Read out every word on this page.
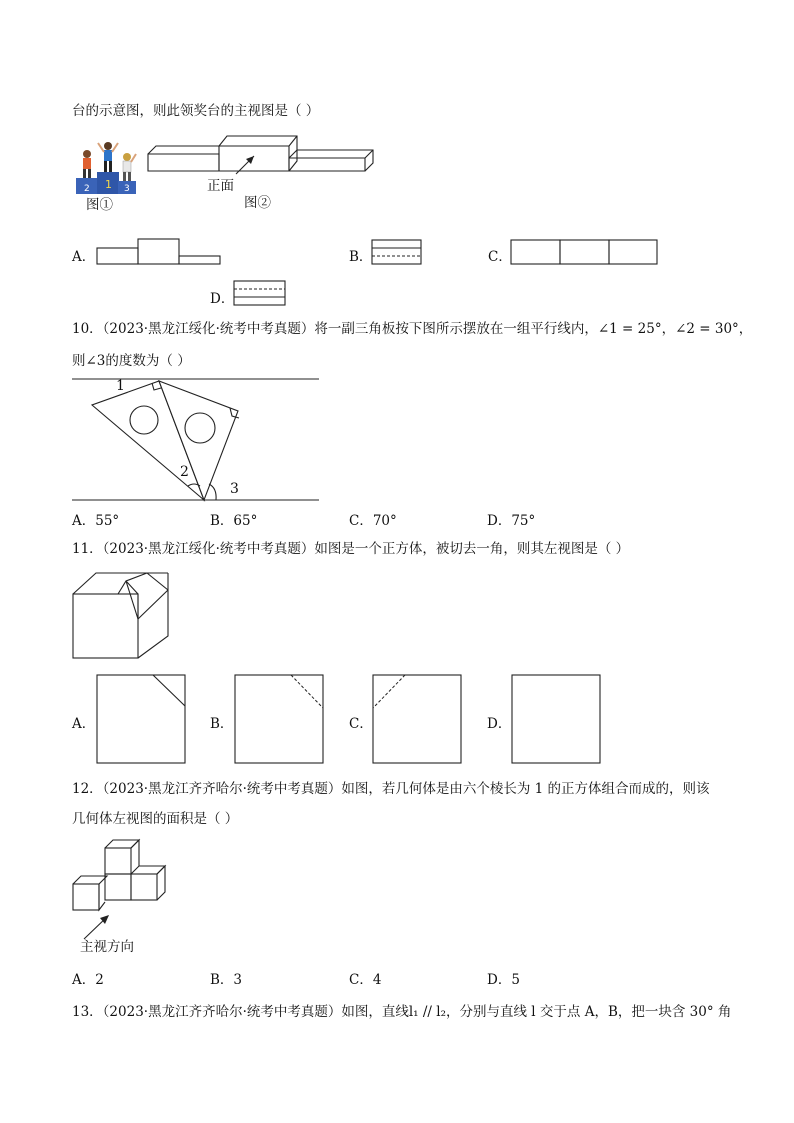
台的示意图，则此领奖台的主视图是（ ）
2 1 3
图①
正面
图②
A．	B．	C．
D．
10．（2023·黑龙江绥化·统考中考真题）将一副三角板按下图所示摆放在一组平行线内，∠1 = 25°，∠2 = 30°，
则∠3的度数为（ ）
1
2
3
A．55°	B．65°	C．70°	D．75°
11．（2023·黑龙江绥化·统考中考真题）如图是一个正方体，被切去一角，则其左视图是（ ）
A．	B．	C．	D．
12．（2023·黑龙江齐齐哈尔·统考中考真题）如图，若几何体是由六个棱长为 1 的正方体组合而成的，则该
几何体左视图的面积是（ ）
主视方向
A．2	B．3	C．4	D．5
13．（2023·黑龙江齐齐哈尔·统考中考真题）如图，直线l₁ // l₂，分别与直线 l 交于点 A，B，把一块含 30° 角
